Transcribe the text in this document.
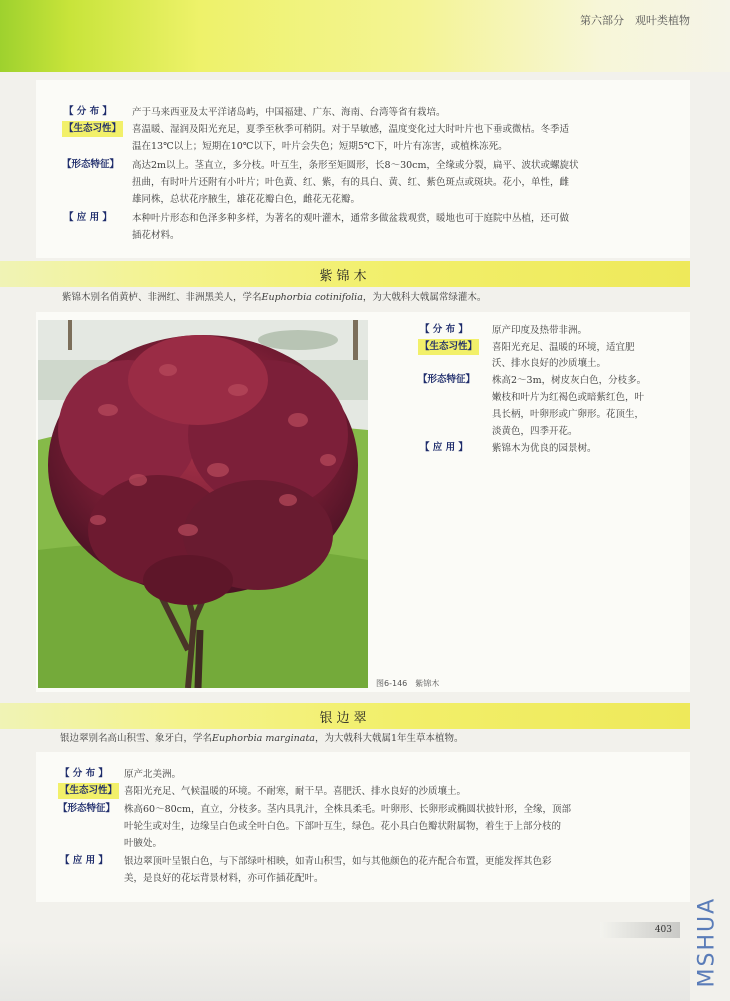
第六部分　观叶类植物
【 分 布 】 产于马来西亚及太平洋诸岛屿，中国福建、广东、海南、台湾等省有栽培。
【生态习性】 喜温暖、湿润及阳光充足，夏季至秋季可稍阴。对于旱敏感，温度变化过大时叶片也下垂或微枯。冬季适
温在13℃以上；短期在10℃以下，叶片会失色；短期5℃下，叶片有冻害，或植株冻死。
【形态特征】 高达2m以上。茎直立，多分枝。叶互生，条形至矩圆形，长8～30cm，全缘或分裂，扁平、波状或螺旋状
扭曲，有时叶片还附有小叶片；叶色黄、红、紫，有的具白、黄、红、紫色斑点或斑块。花小，单性，雌
雄同株，总状花序腋生，雄花花瓣白色，雌花无花瓣。
【 应 用 】 本种叶片形态和色泽多种多样，为著名的观叶灌木，通常多做盆栽观赏，暖地也可于庭院中丛植，还可做
插花材料。
紫锦木
紫锦木别名俏黄栌、非洲红、非洲黑美人，学名Euphorbia cotinifolia，为大戟科大戟属常绿灌木。
【 分 布 】	原产印度及热带非洲。
【生态习性】 喜阳光充足、温暖的环境，适宜肥
沃、排水良好的沙质壤土。
【形态特征】 株高2～3m，树皮灰白色，分枝多。
嫩枝和叶片为红褐色或暗紫红色，叶
具长柄，叶卵形或广卵形。花顶生，
淡黄色，四季开花。
【 应 用 】	紫锦木为优良的园景树。
图6-146　紫锦木
银边翠
银边翠别名高山积雪、象牙白，学名Euphorbia marginata，为大戟科大戟属1年生草本植物。
【 分 布 】 原产北美洲。
【生态习性】 喜阳光充足、气候温暖的环境。不耐寒，耐干旱。喜肥沃、排水良好的沙质壤土。
【形态特征】 株高60～80cm，直立，分枝多。茎内具乳汁，全株具柔毛。叶卵形、长卵形或椭圆状披针形，全缘，顶部
叶轮生或对生，边缘呈白色或全叶白色。下部叶互生，绿色。花小具白色瓣状附属物，着生于上部分枝的
叶腋处。
【 应 用 】 银边翠顶叶呈银白色，与下部绿叶相映，如青山积雪，如与其他颜色的花卉配合布置，更能发挥其色彩
美，是良好的花坛背景材料，亦可作插花配叶。
403	MSHUA
